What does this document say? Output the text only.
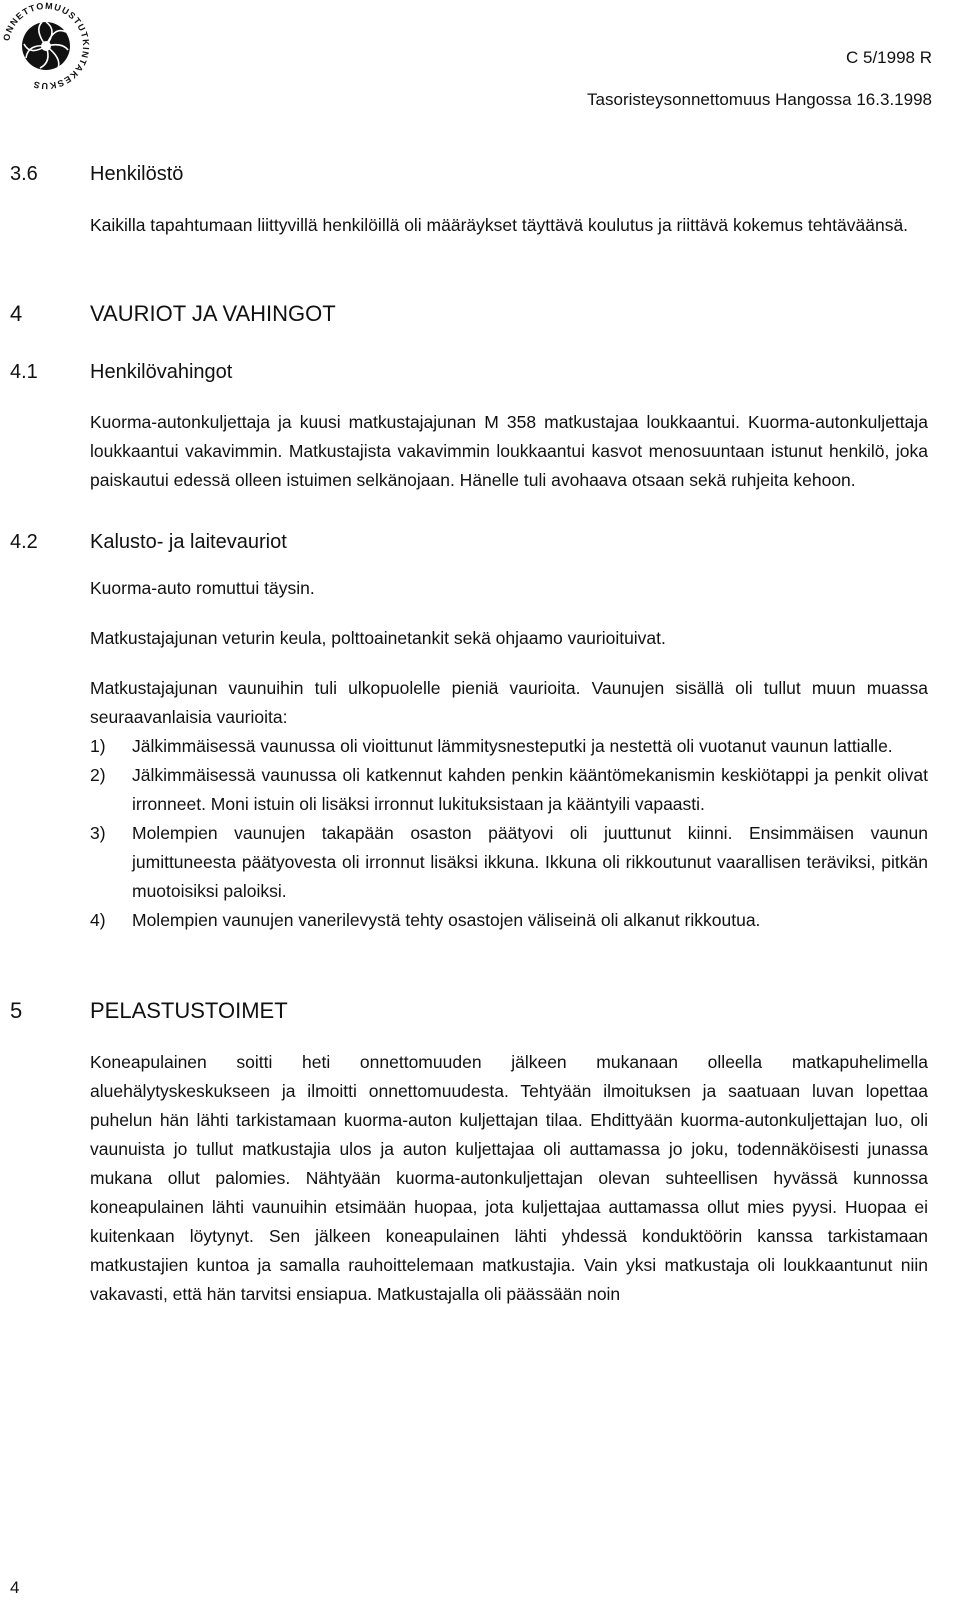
ONNETTOMUUSTUTKINTAKESKUS
C 5/1998 R
Tasoristeysonnettomuus Hangossa 16.3.1998
3.6	Henkilöstö

Kaikilla tapahtumaan liittyvillä henkilöillä oli määräykset täyttävä koulutus ja riittävä kokemus tehtäväänsä.

4	VAURIOT JA VAHINGOT
4.1	Henkilövahingot

Kuorma-autonkuljettaja ja kuusi matkustajajunan M 358 matkustajaa loukkaantui. Kuorma-autonkuljettaja loukkaantui vakavimmin. Matkustajista vakavimmin loukkaantui kasvot menosuuntaan istunut henkilö, joka paiskautui edessä olleen istuimen selkänojaan. Hänelle tuli avohaava otsaan sekä ruhjeita kehoon.

4.2	Kalusto- ja laitevauriot

Kuorma-auto romuttui täysin.

Matkustajajunan veturin keula, polttoainetankit sekä ohjaamo vaurioituivat.

Matkustajajunan vaunuihin tuli ulkopuolelle pieniä vaurioita. Vaunujen sisällä oli tullut muun muassa seuraavanlaisia vaurioita:

1)	Jälkimmäisessä vaunussa oli vioittunut lämmitysnesteputki ja nestettä oli vuotanut vaunun lattialle.
2)	Jälkimmäisessä vaunussa oli katkennut kahden penkin kääntömekanismin keskiötappi ja penkit olivat irronneet. Moni istuin oli lisäksi irronnut lukituksistaan ja kääntyili vapaasti.
3)	Molempien vaunujen takapään osaston päätyovi oli juuttunut kiinni. Ensimmäisen vaunun jumittuneesta päätyovesta oli irronnut lisäksi ikkuna. Ikkuna oli rikkoutunut vaarallisen teräviksi, pitkän muotoisiksi paloiksi.
4)	Molempien vaunujen vanerilevystä tehty osastojen väliseinä oli alkanut rikkoutua.
5	PELASTUSTOIMET

Koneapulainen soitti heti onnettomuuden jälkeen mukanaan olleella matkapuhelimella aluehälytyskeskukseen ja ilmoitti onnettomuudesta. Tehtyään ilmoituksen ja saatuaan luvan lopettaa puhelun hän lähti tarkistamaan kuorma-auton kuljettajan tilaa. Ehdittyään kuorma-autonkuljettajan luo, oli vaunuista jo tullut matkustajia ulos ja auton kuljettajaa oli auttamassa jo joku, todennäköisesti junassa mukana ollut palomies. Nähtyään kuorma-autonkuljettajan olevan suhteellisen hyvässä kunnossa koneapulainen lähti vaunuihin etsimään huopaa, jota kuljettajaa auttamassa ollut mies pyysi. Huopaa ei kuitenkaan löytynyt. Sen jälkeen koneapulainen lähti yhdessä konduktöörin kanssa tarkistamaan matkustajien kuntoa ja samalla rauhoittelemaan matkustajia. Vain yksi matkustaja oli loukkaantunut niin vakavasti, että hän tarvitsi ensiapua. Matkustajalla oli päässään noin

4
